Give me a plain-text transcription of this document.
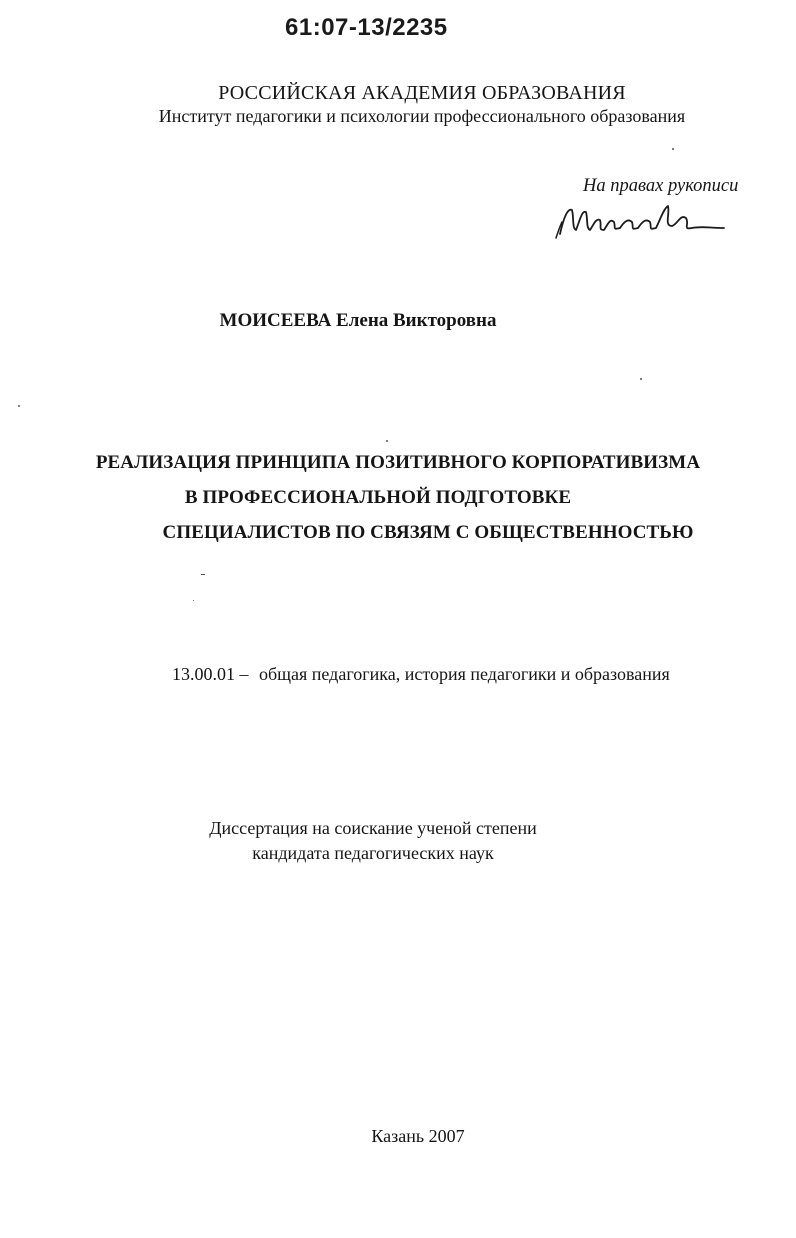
61:07-13/2235
РОССИЙСКАЯ АКАДЕМИЯ ОБРАЗОВАНИЯ
Институт педагогики и психологии профессионального образования
На правах рукописи
МОИСЕЕВА Елена Викторовна
РЕАЛИЗАЦИЯ ПРИНЦИПА ПОЗИТИВНОГО КОРПОРАТИВИЗМА
В ПРОФЕССИОНАЛЬНОЙ ПОДГОТОВКЕ
СПЕЦИАЛИСТОВ ПО СВЯЗЯМ С ОБЩЕСТВЕННОСТЬЮ
13.00.01 – общая педагогика, история педагогики и образования
Диссертация на соискание ученой степени
кандидата педагогических наук
Казань 2007
